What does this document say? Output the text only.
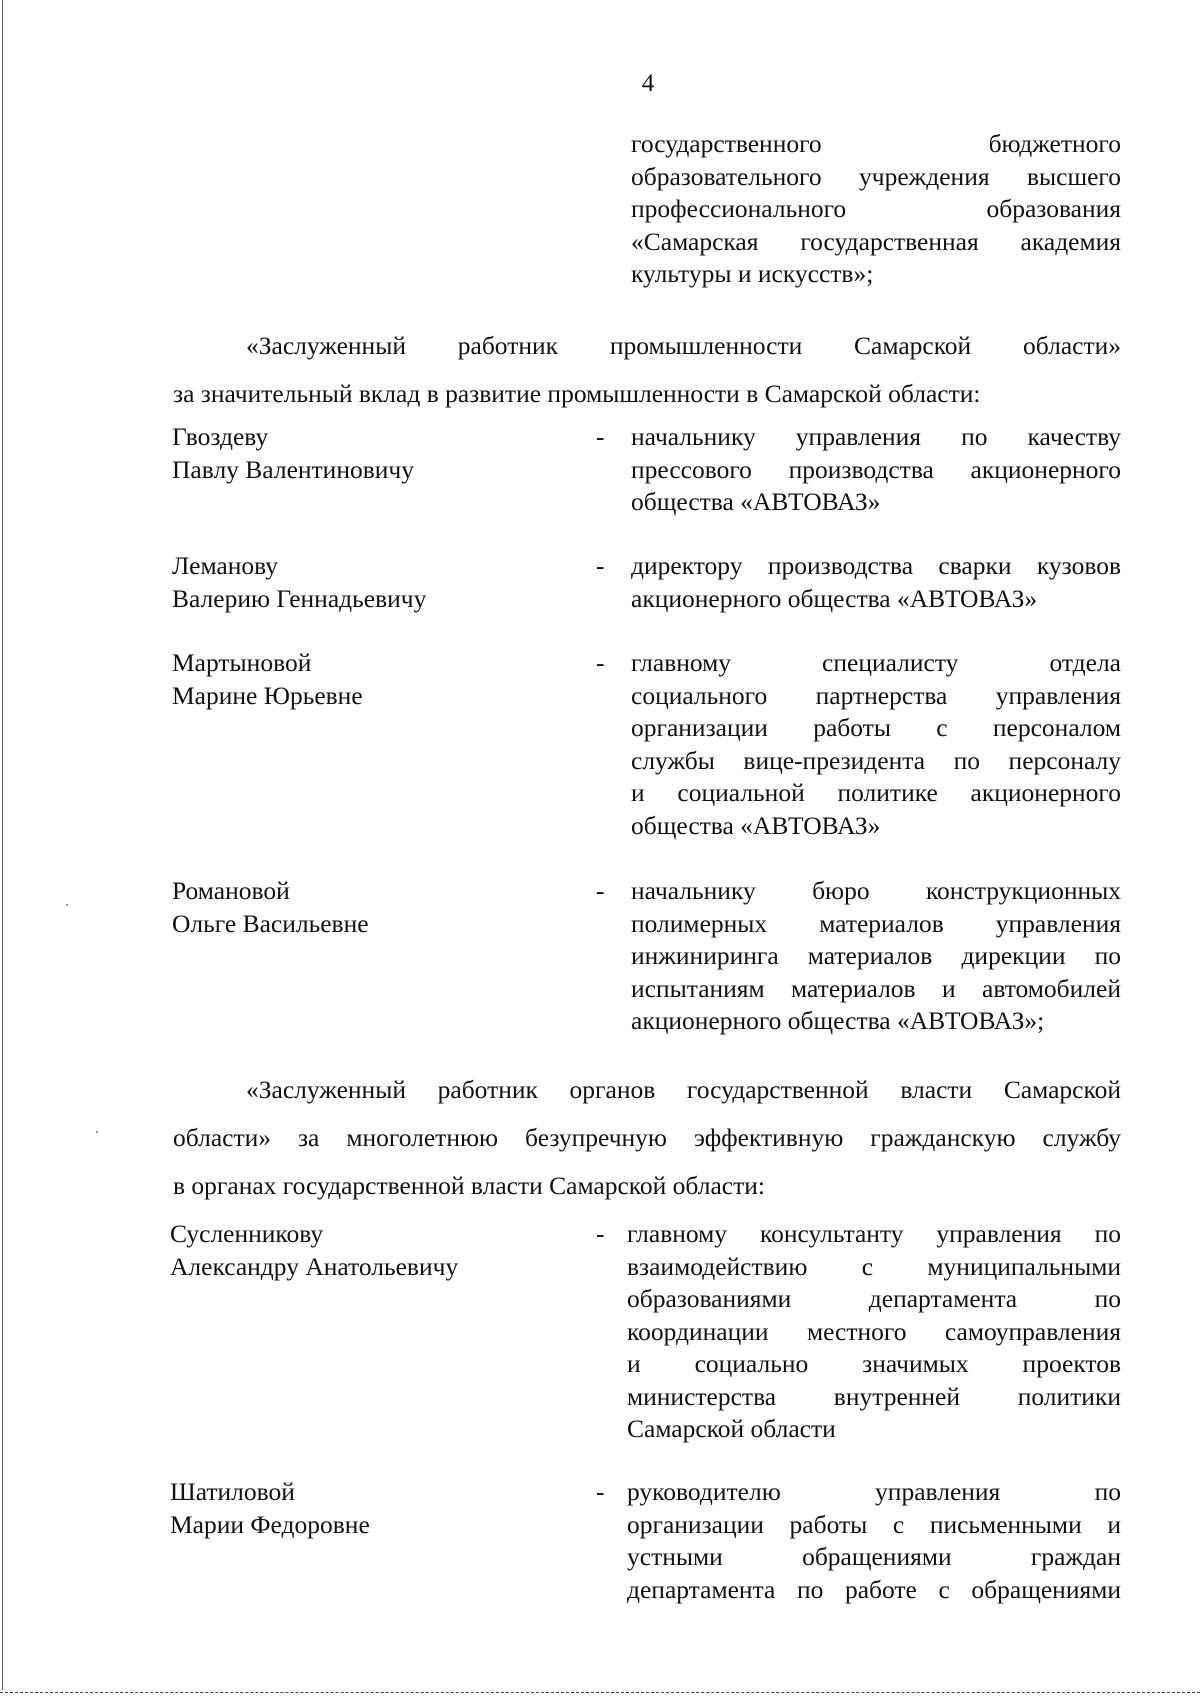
4
государственного бюджетного
образовательного учреждения высшего
профессионального образования
«Самарская государственная академия
культуры и искусств»;
«Заслуженный работник промышленности Самарской области»
за значительный вклад в развитие промышленности в Самарской области:
Гвоздеву
Павлу Валентиновичу
- начальнику управления по качеству
прессового производства акционерного
общества «АВТОВАЗ»
Леманову
Валерию Геннадьевичу
- директору производства сварки кузовов
акционерного общества «АВТОВАЗ»
Мартыновой
Марине Юрьевне
- главному специалисту отдела
социального партнерства управления
организации работы с персоналом
службы вице-президента по персоналу
и социальной политике акционерного
общества «АВТОВАЗ»
Романовой
Ольге Васильевне
- начальнику бюро конструкционных
полимерных материалов управления
инжиниринга материалов дирекции по
испытаниям материалов и автомобилей
акционерного общества «АВТОВАЗ»;
«Заслуженный работник органов государственной власти Самарской
области» за многолетнюю безупречную эффективную гражданскую службу
в органах государственной власти Самарской области:
Сусленникову
Александру Анатольевичу
- главному консультанту управления по
взаимодействию с муниципальными
образованиями департамента по
координации местного самоуправления
и социально значимых проектов
министерства внутренней политики
Самарской области
Шатиловой
Марии Федоровне
- руководителю управления по
организации работы с письменными и
устными обращениями граждан
департамента по работе с обращениями
